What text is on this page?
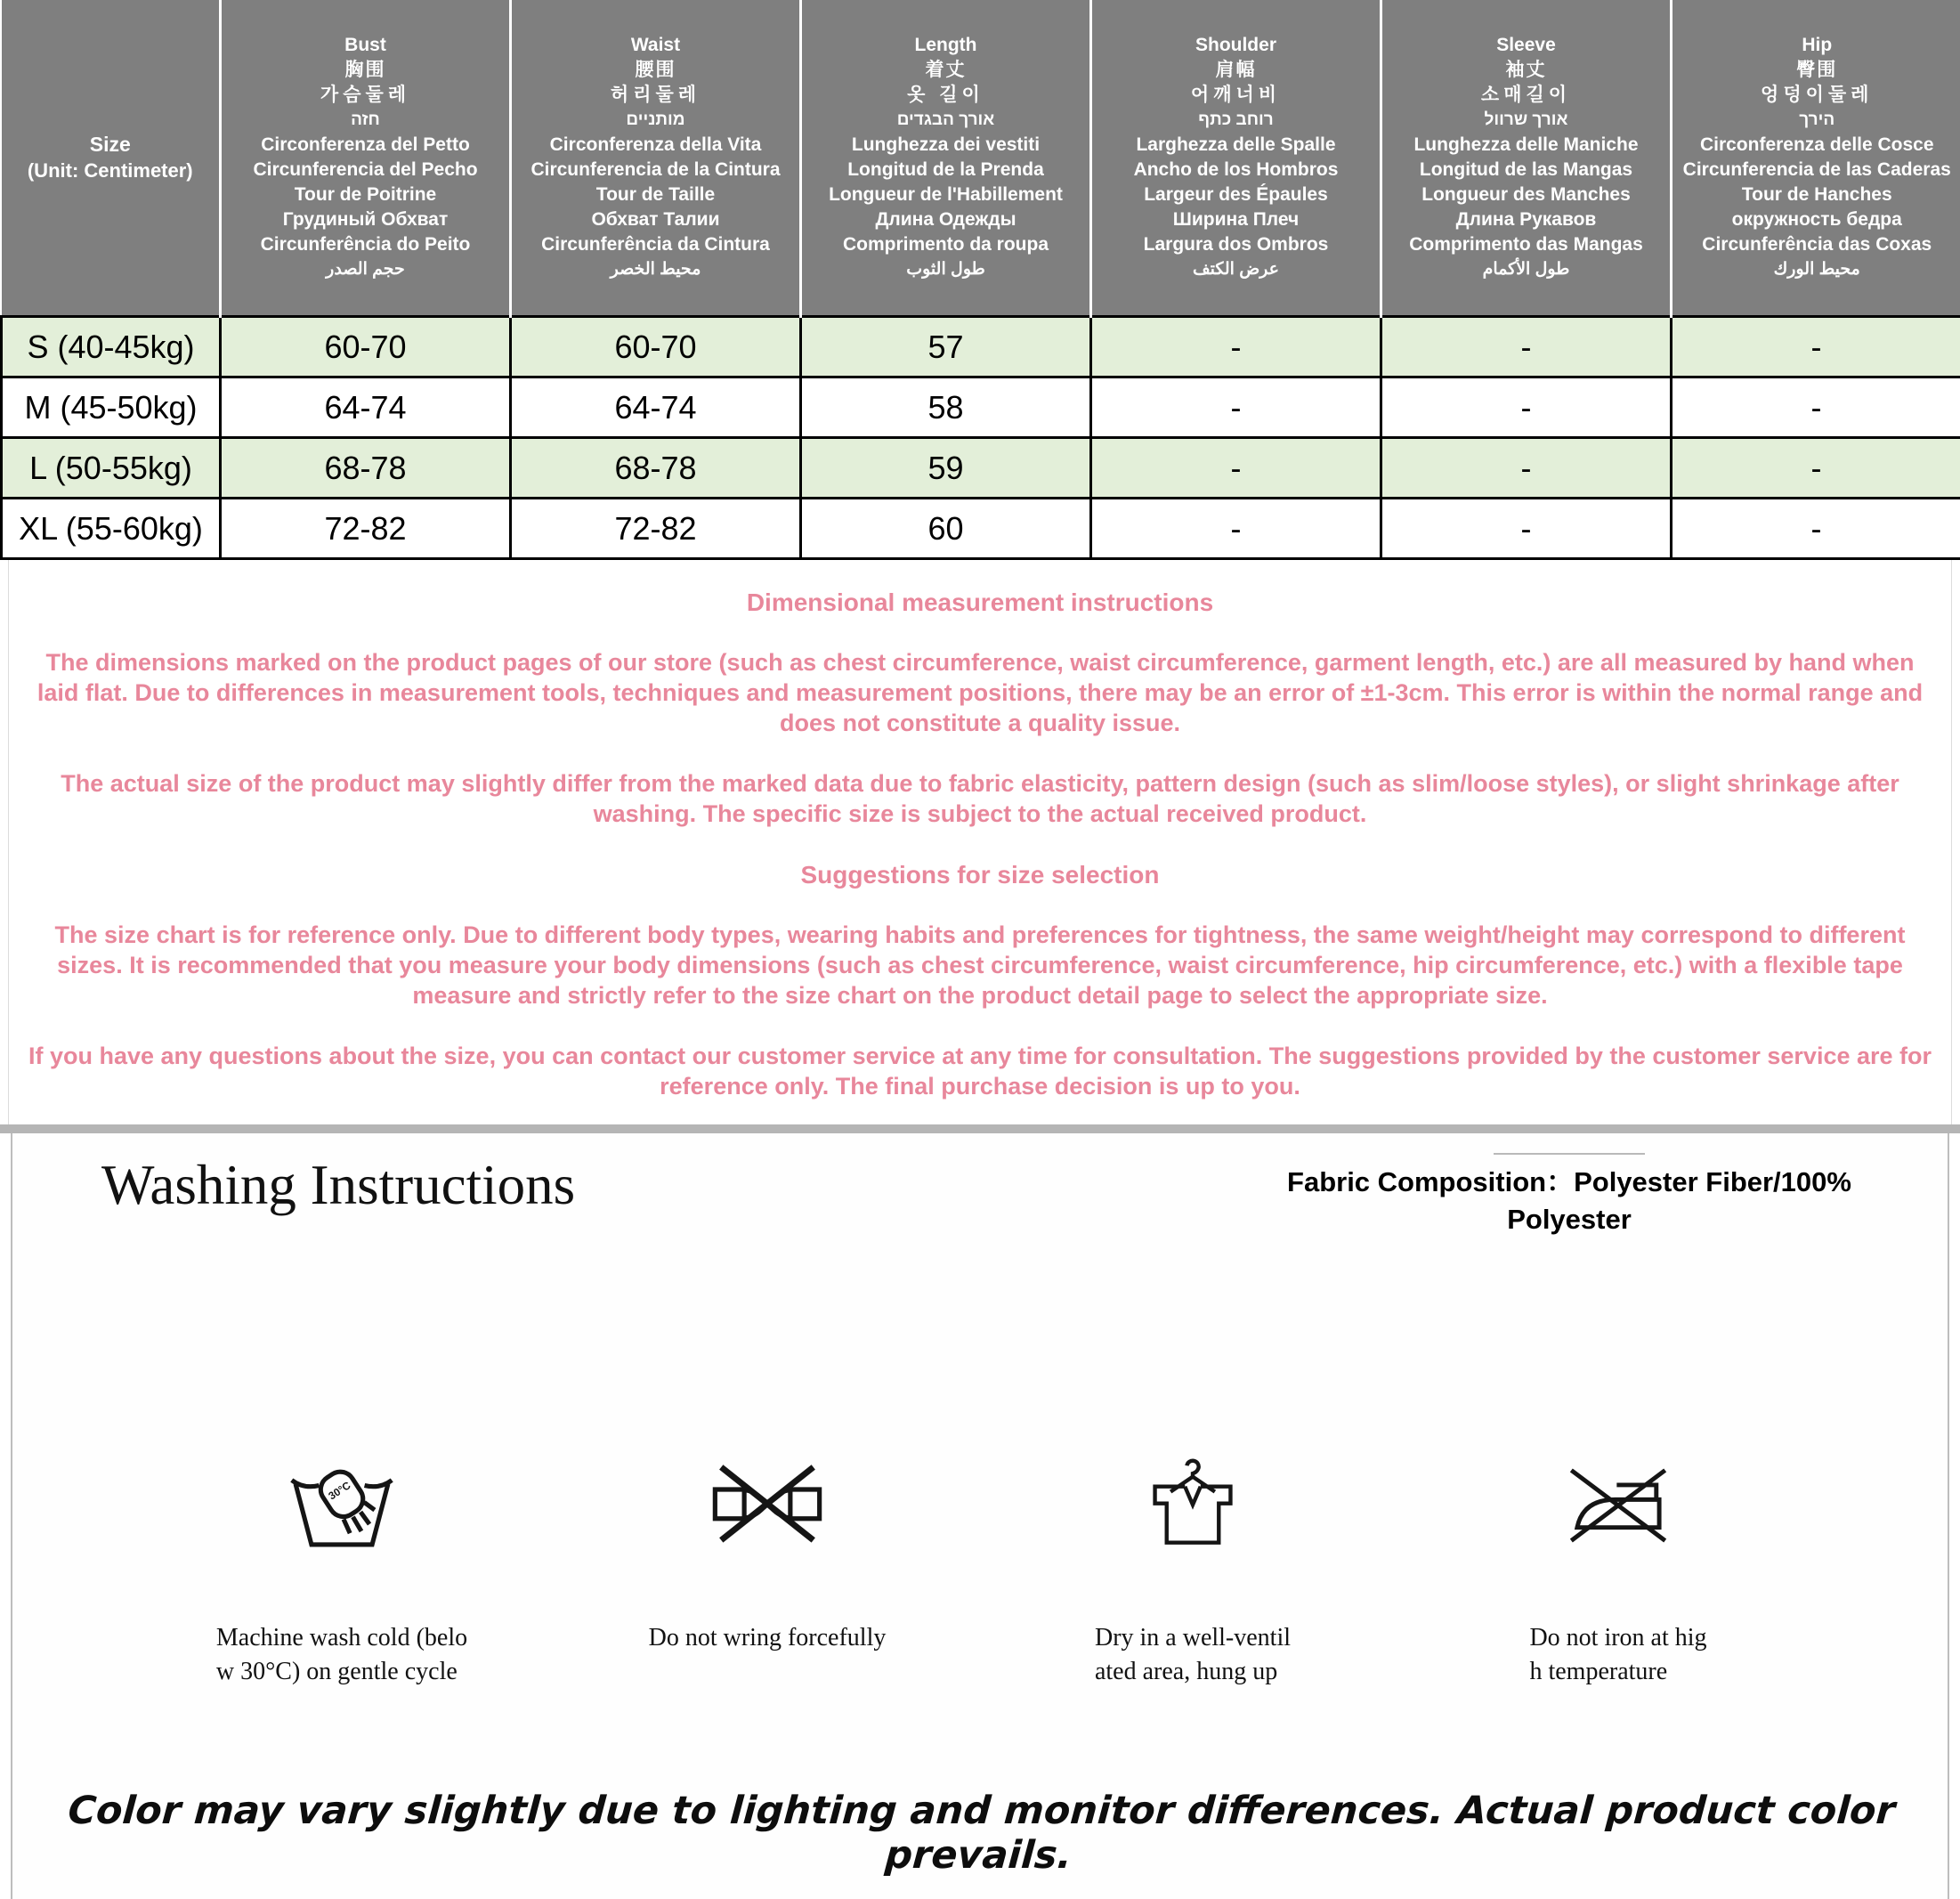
Size
(Unit: Centimeter)

Bust
胸围
가슴둘레
חזה
Circonferenza del Petto
Circunferencia del Pecho
Tour de Poitrine
Грудиный Обхват
Circunferência do Peito
حجم الصدر

Waist
腰围
허리둘레
מותניים
Circonferenza della Vita
Circunferencia de la Cintura
Tour de Taille
Обхват Талии
Circunferência da Cintura
محيط الخصر

Length
着丈
옷 길이
אורך הבגדים
Lunghezza dei vestiti
Longitud de la Prenda
Longueur de l'Habillement
Длина Одежды
Comprimento da roupa
طول الثوب

Shoulder
肩幅
어깨너비
רוחב כתף
Larghezza delle Spalle
Ancho de los Hombros
Largeur des Épaules
Ширина Плеч
Largura dos Ombros
عرض الكتف

Sleeve
袖丈
소매길이
אורך שרוול
Lunghezza delle Maniche
Longitud de las Mangas
Longueur des Manches
Длина Рукавов
Comprimento das Mangas
طول الأكمام

Hip
臀围
엉덩이둘레
הירך
Circonferenza delle Cosce
Circunferencia de las Caderas
Tour de Hanches
окружность бедра
Circunferência das Coxas
محيط الورك

S (40-45kg)	60-70	60-70	57	-	-	-
M (45-50kg)	64-74	64-74	58	-	-	-
L (50-55kg)	68-78	68-78	59	-	-	-
XL (55-60kg)	72-82	72-82	60	-	-	-
Dimensional measurement instructions

The dimensions marked on the product pages of our store (such as chest circumference, waist circumference, garment length, etc.) are all measured by hand when laid flat. Due to differences in measurement tools, techniques and measurement positions, there may be an error of ±1-3cm. This error is within the normal range and does not constitute a quality issue.

The actual size of the product may slightly differ from the marked data due to fabric elasticity, pattern design (such as slim/loose styles), or slight shrinkage after washing. The specific size is subject to the actual received product.

Suggestions for size selection

The size chart is for reference only. Due to different body types, wearing habits and preferences for tightness, the same weight/height may correspond to different sizes. It is recommended that you measure your body dimensions (such as chest circumference, waist circumference, hip circumference, etc.) with a flexible tape measure and strictly refer to the size chart on the product detail page to select the appropriate size.

If you have any questions about the size, you can contact our customer service at any time for consultation. The suggestions provided by the customer service are for reference only. The final purchase decision is up to you.

Washing Instructions	Fabric Composition：Polyester Fiber/100%
Polyester
30°C
Machine wash cold (belo
w 30°C) on gentle cycle
Do not wring forcefully	Dry in a well-ventil
ated area, hung up
Do not iron at hig
h temperature
Color may vary slightly due to lighting and monitor differences. Actual product color prevails.
